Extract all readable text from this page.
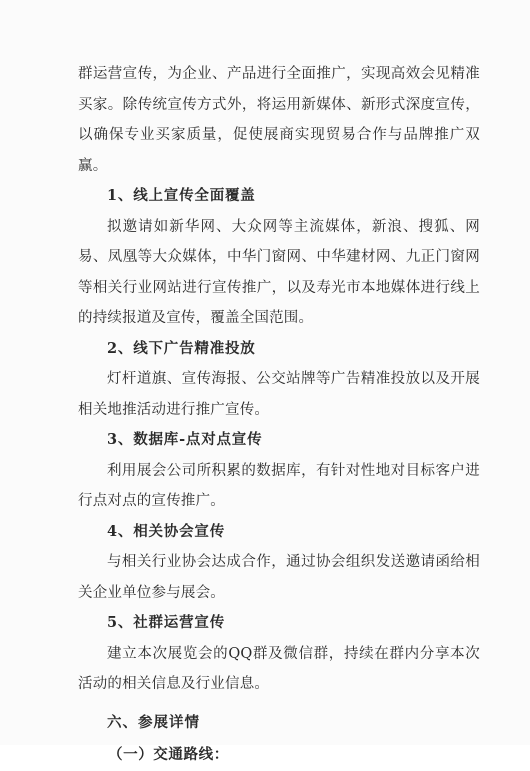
群运营宣传，为企业、产品进行全面推广，实现高效会见精准买家。除传统宣传方式外，将运用新媒体、新形式深度宣传，以确保专业买家质量，促使展商实现贸易合作与品牌推广双赢。

1、线上宣传全面覆盖

拟邀请如新华网、大众网等主流媒体，新浪、搜狐、网易、凤凰等大众媒体，中华门窗网、中华建材网、九正门窗网等相关行业网站进行宣传推广，以及寿光市本地媒体进行线上的持续报道及宣传，覆盖全国范围。

2、线下广告精准投放

灯杆道旗、宣传海报、公交站牌等广告精准投放以及开展相关地推活动进行推广宣传。

3、数据库-点对点宣传

利用展会公司所积累的数据库，有针对性地对目标客户进行点对点的宣传推广。

4、相关协会宣传

与相关行业协会达成合作，通过协会组织发送邀请函给相关企业单位参与展会。

5、社群运营宣传

建立本次展览会的QQ群及微信群，持续在群内分享本次活动的相关信息及行业信息。

六、参展详情

（一）交通路线：
